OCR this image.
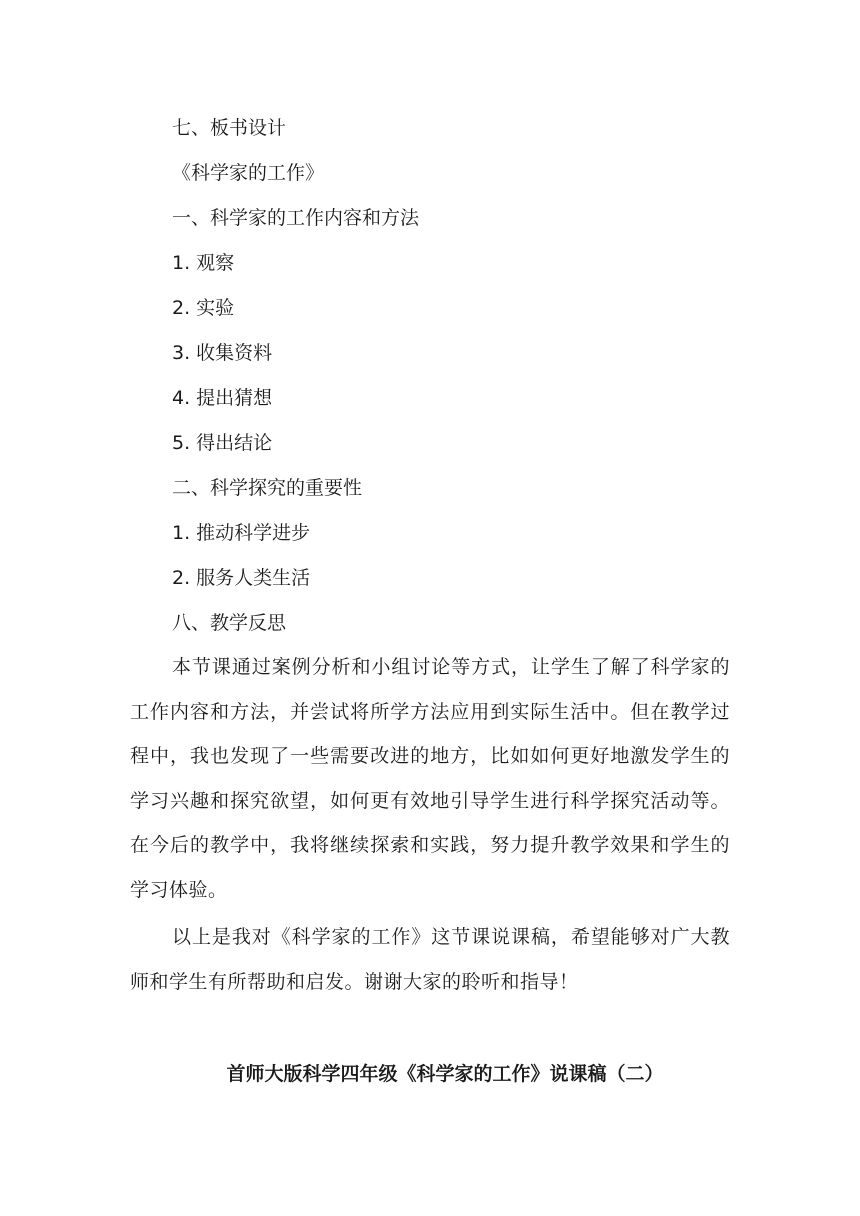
七、板书设计
《科学家的工作》
一、科学家的工作内容和方法
1. 观察
2. 实验
3. 收集资料
4. 提出猜想
5. 得出结论
二、科学探究的重要性
1. 推动科学进步
2. 服务人类生活
八、教学反思
本节课通过案例分析和小组讨论等方式，让学生了解了科学家的工作内容和方法，并尝试将所学方法应用到实际生活中。但在教学过程中，我也发现了一些需要改进的地方，比如如何更好地激发学生的学习兴趣和探究欲望，如何更有效地引导学生进行科学探究活动等。在今后的教学中，我将继续探索和实践，努力提升教学效果和学生的学习体验。
以上是我对《科学家的工作》这节课说课稿，希望能够对广大教师和学生有所帮助和启发。谢谢大家的聆听和指导！
首师大版科学四年级《科学家的工作》说课稿（二）
